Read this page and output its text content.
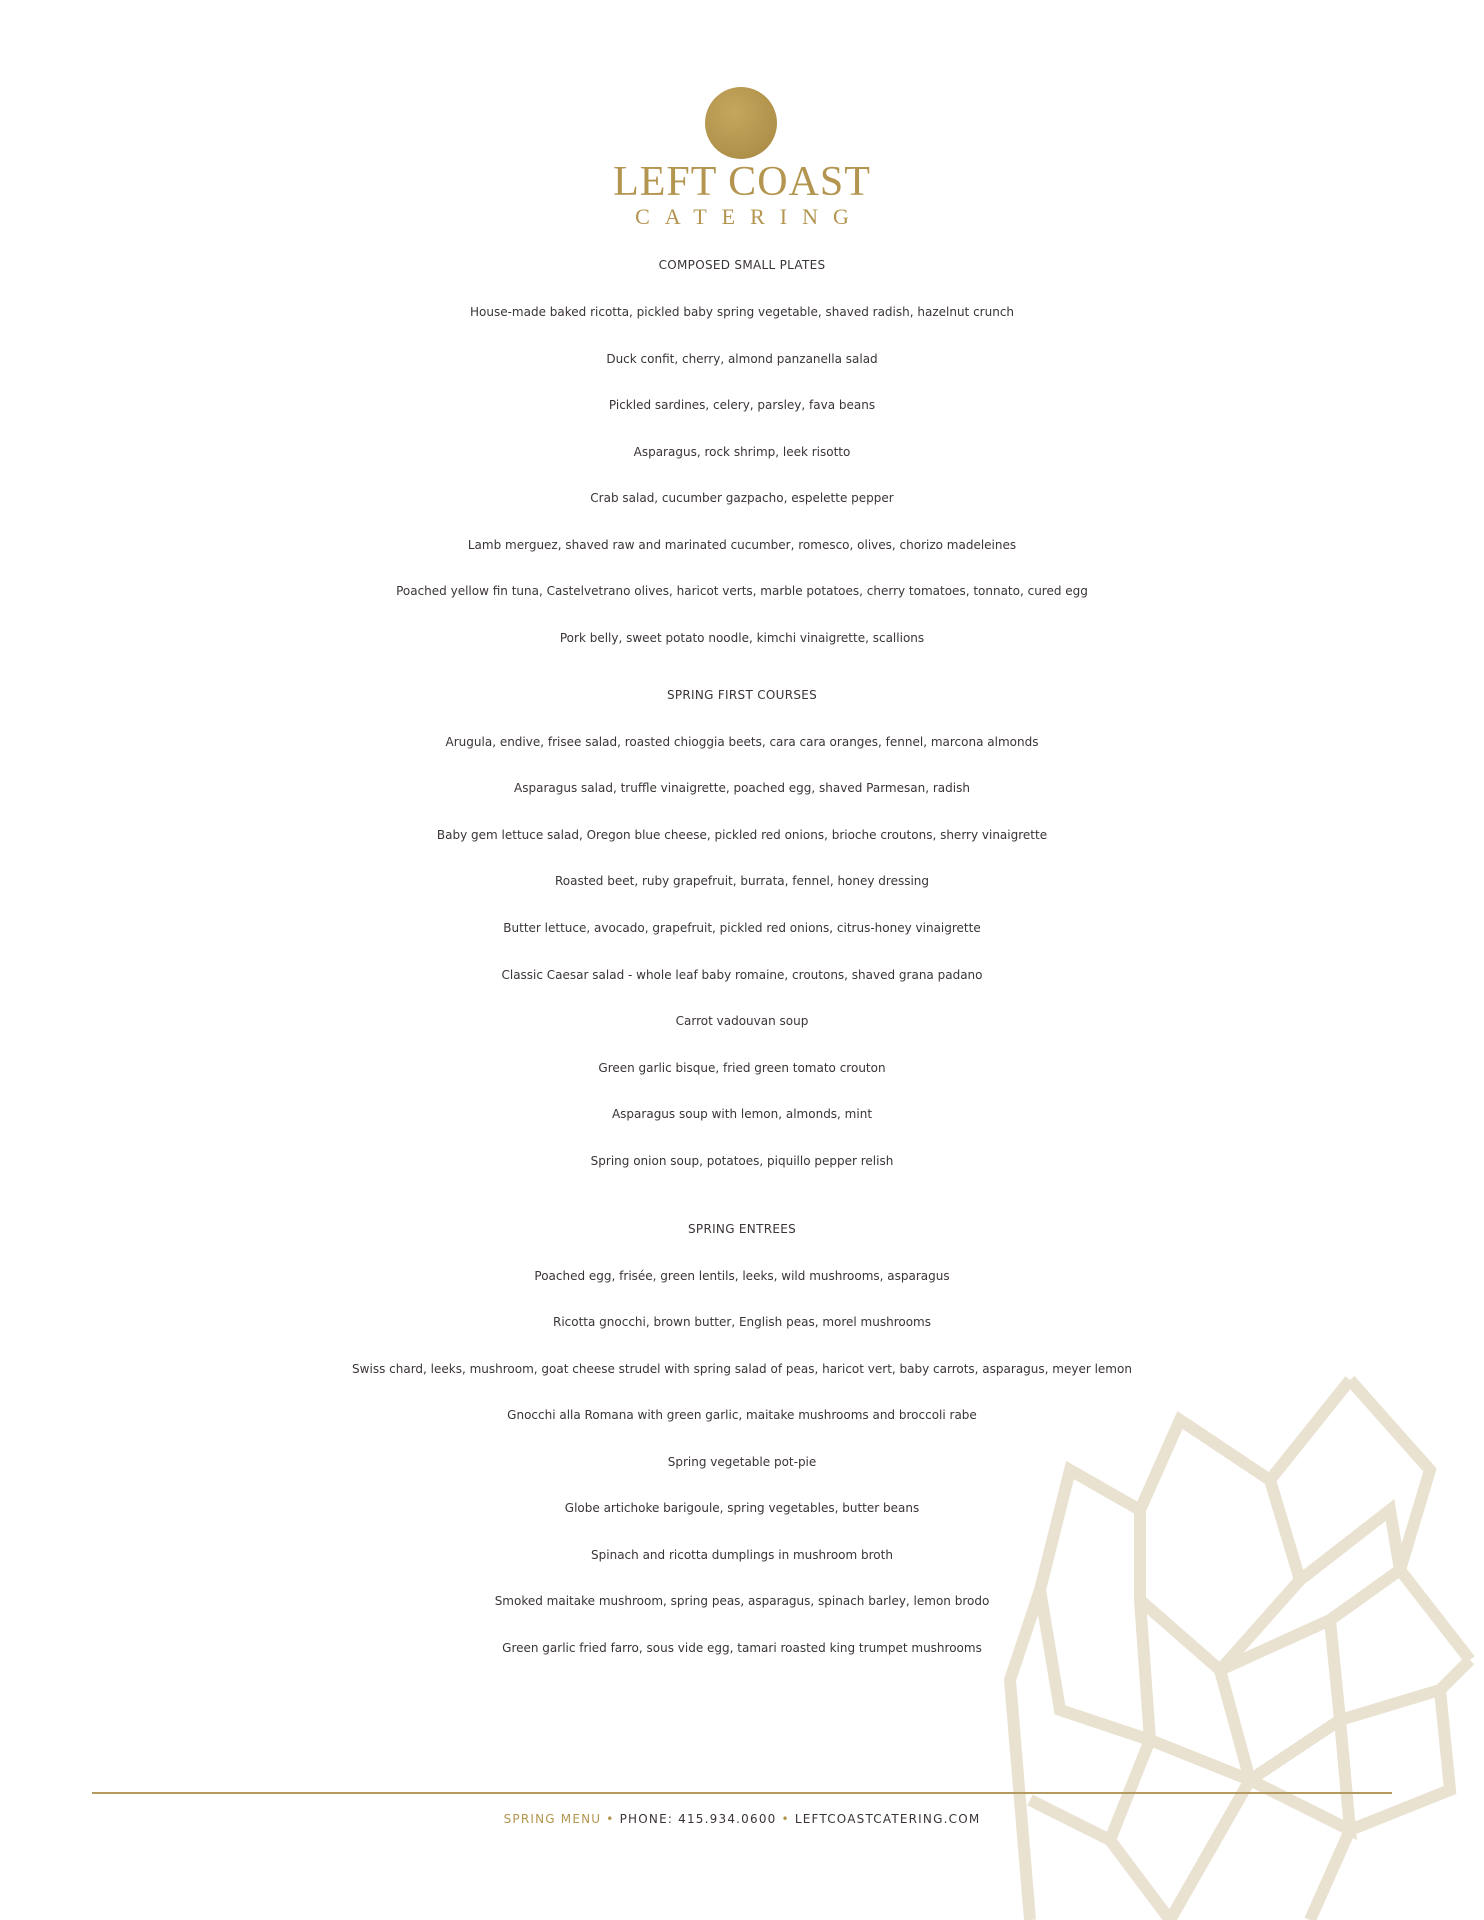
LEFT COAST
CATERING
COMPOSED SMALL PLATES
House-made baked ricotta, pickled baby spring vegetable, shaved radish, hazelnut crunch
Duck confit, cherry, almond panzanella salad
Pickled sardines, celery, parsley, fava beans
Asparagus, rock shrimp, leek risotto
Crab salad, cucumber gazpacho, espelette pepper
Lamb merguez, shaved raw and marinated cucumber, romesco, olives, chorizo madeleines
Poached yellow fin tuna, Castelvetrano olives, haricot verts, marble potatoes, cherry tomatoes, tonnato, cured egg
Pork belly, sweet potato noodle, kimchi vinaigrette, scallions
SPRING FIRST COURSES
Arugula, endive, frisee salad, roasted chioggia beets, cara cara oranges, fennel, marcona almonds
Asparagus salad, truffle vinaigrette, poached egg, shaved Parmesan, radish
Baby gem lettuce salad, Oregon blue cheese, pickled red onions, brioche croutons, sherry vinaigrette
Roasted beet, ruby grapefruit, burrata, fennel, honey dressing
Butter lettuce, avocado, grapefruit, pickled red onions, citrus-honey vinaigrette
Classic Caesar salad - whole leaf baby romaine, croutons, shaved grana padano
Carrot vadouvan soup
Green garlic bisque, fried green tomato crouton
Asparagus soup with lemon, almonds, mint
Spring onion soup, potatoes, piquillo pepper relish
SPRING ENTREES
Poached egg, frisée, green lentils, leeks, wild mushrooms, asparagus
Ricotta gnocchi, brown butter, English peas, morel mushrooms
Swiss chard, leeks, mushroom, goat cheese strudel with spring salad of peas, haricot vert, baby carrots, asparagus, meyer lemon
Gnocchi alla Romana with green garlic, maitake mushrooms and broccoli rabe
Spring vegetable pot-pie
Globe artichoke barigoule, spring vegetables, butter beans
Spinach and ricotta dumplings in mushroom broth
Smoked maitake mushroom, spring peas, asparagus, spinach barley, lemon brodo
Green garlic fried farro, sous vide egg, tamari roasted king trumpet mushrooms
SPRING MENU • PHONE: 415.934.0600 • LEFTCOASTCATERING.COM
